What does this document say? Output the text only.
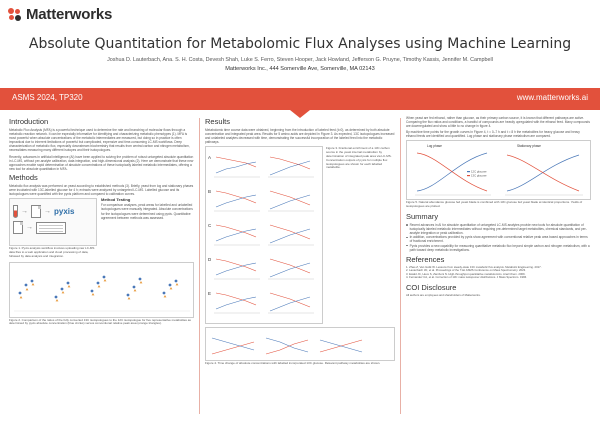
Matterworks
Absolute Quantitation for Metabolomic Flux Analyses using Machine Learning
Joshua D. Lauterbach, Ana. S. H. Costa, Devesh Shah, Luke S. Ferro, Steven Hooper, Jack Howland, Jefferson G. Pruyne, Timothy Kassis, Jennifer M. Campbell
Matterworks Inc., 444 Somerville Ave, Somerville, MA 02143
ASMS 2024, TP320	www.matterworks.ai
Introduction

Metabolic Flux Analysis (MFA) is a powerful technique used to determine the rate and branching of molecular flows through a metabolic reaction network. It can be especially informative for identifying and characterizing metabolic phenotypes (1). MFA is most powerful when absolute concentrations of the metabolic intermediates are measured, but doing so in practice is often impractical due to inherent limitations of powerful but complicated, expensive and time-consuming LC-MS workflows. Deep characterization of metabolic flux, especially downstream biochemistry that results from central carbon and nitrogen metabolism, necessitates measuring many different isotopes and their isotopologues.

Recently, advances in artificial intelligence (AI) have been applied to solving the problem of robust untargeted absolute quantitation in LC-MS, without per-analyte calibration, data integration, and high-dimensional analysis (2). Here we demonstrate that these new approaches enable rapid determination of absolute concentrations of these isotopically labeled metabolic intermediates, offering a new tool for absolute quantitation in MFA.

Methods

Metabolic flux analysis was performed on yeast according to established methods (3). Briefly, yeast from log and stationary phases were incubated with 13C-labelled glucose for 4 h; extracts were analyzed by untargeted LC-MS. Labelled glucose and its isotopologues were quantified with the pyxis platform and compared to calibration curves.

→ → pyxis
→
Figure 1. Pyxis analysis workflow involves uploading raw LC-MS data files to a web application and cloud processing of data, followed by data analysis and integration.
Method Testing

For comparison analyses, peak areas for labelled and unlabelled isotopologues were manually integrated. Absolute concentrations for the isotopologues were determined using pyxis. Quantitative agreement between methods was assessed.

Figure 2. Comparison of the ratios of the fully converted 13C isotopologues to the 12C isotopologue for five representative metabolites as determined by pyxis absolute concentration (blue circles) versus conventional relative peak area (orange triangles).
Results

Metabolomic time course data were obtained, beginning from the introduction of labeled feed (t=0), as determined by both absolute concentration and integrated peak area. Results for 5 amino acids are depicted in Figure 3. As expected, 13C isotopologues increased and unlabeled analytes decreased with time, demonstrating the successful incorporation of the labeled feed into the metabolic pathways.

A
B
C
D
E
Figure 3. Fractional enrichment of a 13C carbon source in the yeast internal metabolism by determination of integrated peak area via LC-MS. Concentration outputs of pyxis for multiple flux isotopologues are shown for each labelled metabolite.
Figure 4. Time change of absolute concentrations with labelled incorporated 13C glucose. Relevant pathway metabolites are shown.

When yeast are fed ethanol, rather than glucose, as their primary carbon source, it is known that different pathways are active. Comparing the flux ratios and conditions, a handful of compounds are heavily upregulated with the ethanol feed. Many compounds are downregulated and show a little to no change in figure 4.

By machine time points for the growth curves in Figure 4, t = 0–7 h and t = 8 h the metabolites for heavy glucose and heavy ethanol feeds are identified and quantified. Log phase and stationary phase metabolism are compared.

Log phase	Stationary phase
12C glucose
13C glucose
Figure 5. Natural abundance glucose fed yeast blade is combined with 13C glucose fed yeast blade at identical proportions. Yields of isotopologues are plotted.
Summary
Recent advances in AI for absolute quantitation of untargeted LC-MS analytes provide new tools for absolute quantitation of isotopically labeled metabolic intermediates without requiring pre-determined target metabolites, chemical standards, and per-analyte integration or peak calibration.
In addition, concentrations provided by pyxis show agreement with conventional relative peak area based approaches in terms of fractional enrichment.
Pyxis provides a new capability for measuring quantitative metabolic flux beyond simple carbon and nitrogen metabolism, with a path toward deep metabolic investigations.
References
1. Zhao Z, Van Gulik W. Lessons from steady-state 13C metabolic flux analysis. Metabolic Engineering. 2017.
2. Lauterbach JD, et al. Proceedings of the 71st ASMS Conference on Mass Spectrometry. 2023.
3. Ewald JC, Heux S, Zamboni N. High-throughput quantitative metabolomics. Anal Chem. 2009.
4. Fernandez CA, et al. Correction of 13C mass isotopomer distributions. J Mass Spectrom. 1996.
COI Disclosure
All authors are employees and shareholders of Matterworks.
